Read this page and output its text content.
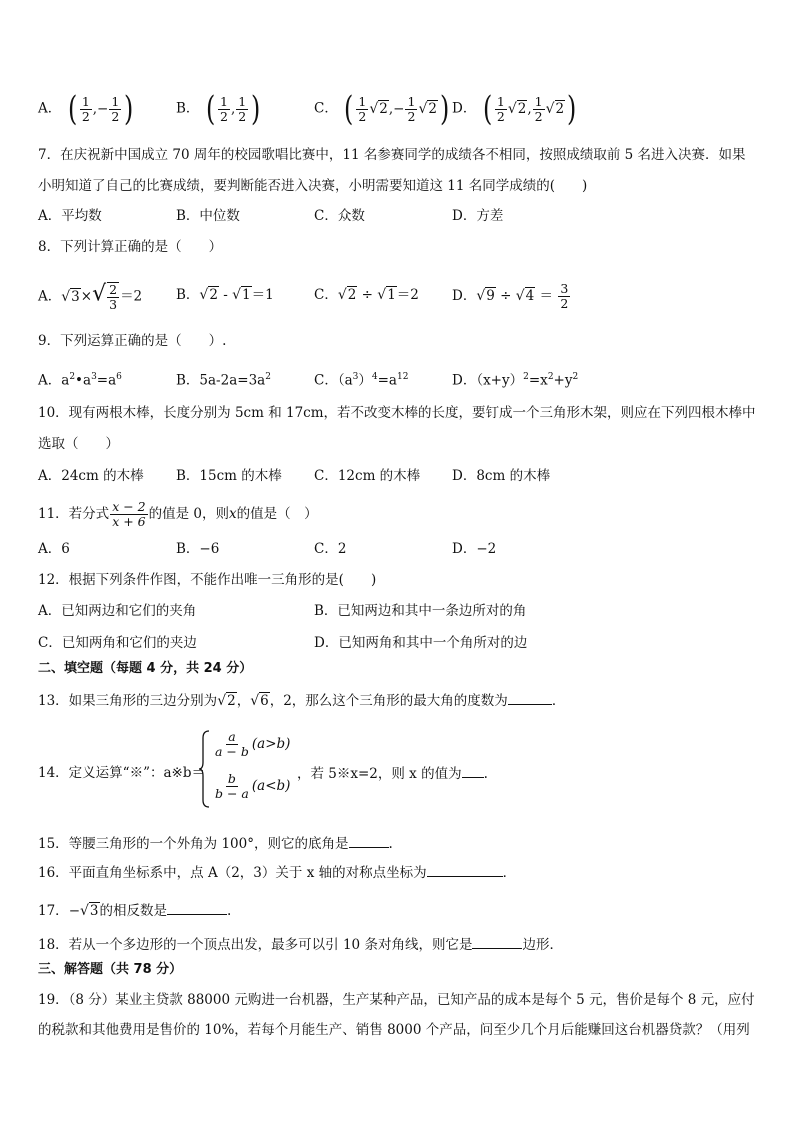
A． ( $\frac{1}{2}$ ,− $\frac{1}{2}$ )	B． ( $\frac{1}{2}$ , $\frac{1}{2}$ )	C． ( $\frac{1}{2} √2$ ,− $\frac{1}{2} √2$ ) D． ( $\frac{1}{2} √2$ , $\frac{1}{2} √2$ )
7．在庆祝新中国成立 70 周年的校园歌唱比赛中，11 名参赛同学的成绩各不相同，按照成绩取前 5 名进入决赛．如果
小明知道了自己的比赛成绩，要判断能否进入决赛，小明需要知道这 11 名同学成绩的(　　)
A．平均数	B．中位数	C．众数	D．方差
8．下列计算正确的是（　　）
A．$√3\times√ \frac{2}{3} =2$	B．√2 - √1＝1	C．√2 ÷ √1＝2 D．$√9 \div √4 = \frac{3}{2}$
9．下列运算正确的是（　　）.
A．$a^2•a^3=a^6$	B．$5a-2a=3a^2$	C．$(a^3)^4=a^{12}$	D．$(x+y)^2=x^2+y^2$
10．现有两根木棒，长度分别为 5cm 和 17cm，若不改变木棒的长度，要钉成一个三角形木架，则应在下列四根木棒中
选取（　　）
A．24cm 的木棒 B．15cm 的木棒 C．12cm 的木棒 D．8cm 的木棒
11．若分式 $\frac{x - 2}{x + 6}$ 的值是 0，则x的值是（　）
A．6	B．−6	C．2	D．−2
12．根据下列条件作图，不能作出唯一三角形的是(　　)
A．已知两边和它们的夹角	B．已知两边和其中一条边所对的角
C．已知两角和它们的夹边	D．已知两角和其中一个角所对的边
二、填空题（每题 4 分，共 24 分）
13．如果三角形的三边分别为√2，√6，2，那么这个三角形的最大角的度数为	．
14．定义运算“※”：a※b＝
$\frac{a}{a - b} (a>b)$
$\frac{b}{b - a} (a<b)$
，若 5※x=2，则 x 的值为 .
15．等腰三角形的一个外角为 100°，则它的底角是	.
16．平面直角坐标系中，点 A（2，3）关于 x 轴的对称点坐标为	．
17．−√3的相反数是	.
18．若从一个多边形的一个顶点出发，最多可以引 10 条对角线，则它是	边形．
三、解答题（共 78 分）
19．（8 分）某业主贷款 88000 元购进一台机器，生产某种产品，已知产品的成本是每个 5 元，售价是每个 8 元，应付
的税款和其他费用是售价的 10%，若每个月能生产、销售 8000 个产品，问至少几个月后能赚回这台机器贷款？（用列
